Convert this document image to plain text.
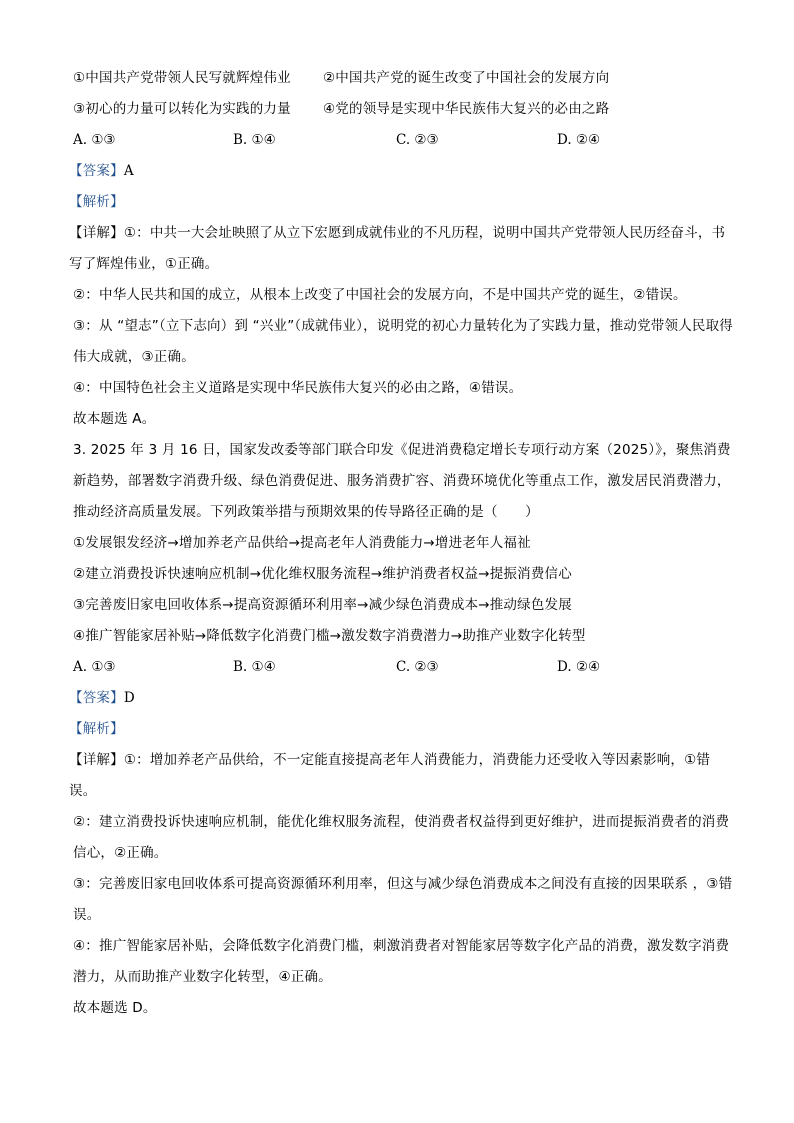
①中国共产党带领人民写就辉煌伟业	②中国共产党的诞生改变了中国社会的发展方向
③初心的力量可以转化为实践的力量	④党的领导是实现中华民族伟大复兴的必由之路
A. ①③	B. ①④	C. ②③	D. ②④
【答案】A
【解析】
【详解】①：中共一大会址映照了从立下宏愿到成就伟业的不凡历程，说明中国共产党带领人民历经奋斗，书写了辉煌伟业，①正确。
②：中华人民共和国的成立，从根本上改变了中国社会的发展方向，不是中国共产党的诞生，②错误。
③：从 “望志”（立下志向）到 “兴业”（成就伟业），说明党的初心力量转化为了实践力量，推动党带领人民取得伟大成就，③正确。
④：中国特色社会主义道路是实现中华民族伟大复兴的必由之路，④错误。
故本题选 A。
3. 2025 年 3 月 16 日，国家发改委等部门联合印发《促进消费稳定增长专项行动方案（2025）》，聚焦消费新趋势，部署数字消费升级、绿色消费促进、服务消费扩容、消费环境优化等重点工作，激发居民消费潜力，推动经济高质量发展。下列政策举措与预期效果的传导路径正确的是（　　）
①发展银发经济→增加养老产品供给→提高老年人消费能力→增进老年人福祉
②建立消费投诉快速响应机制→优化维权服务流程→维护消费者权益→提振消费信心
③完善废旧家电回收体系→提高资源循环利用率→减少绿色消费成本→推动绿色发展
④推广智能家居补贴→降低数字化消费门槛→激发数字消费潜力→助推产业数字化转型
A. ①③	B. ①④	C. ②③	D. ②④
【答案】D
【解析】
【详解】①：增加养老产品供给，不一定能直接提高老年人消费能力，消费能力还受收入等因素影响，①错误。
②：建立消费投诉快速响应机制，能优化维权服务流程，使消费者权益得到更好维护，进而提振消费者的消费信心，②正确。
③：完善废旧家电回收体系可提高资源循环利用率，但这与减少绿色消费成本之间没有直接的因果联系 ，③错误。
④：推广智能家居补贴，会降低数字化消费门槛，刺激消费者对智能家居等数字化产品的消费，激发数字消费潜力，从而助推产业数字化转型，④正确。
故本题选 D。
